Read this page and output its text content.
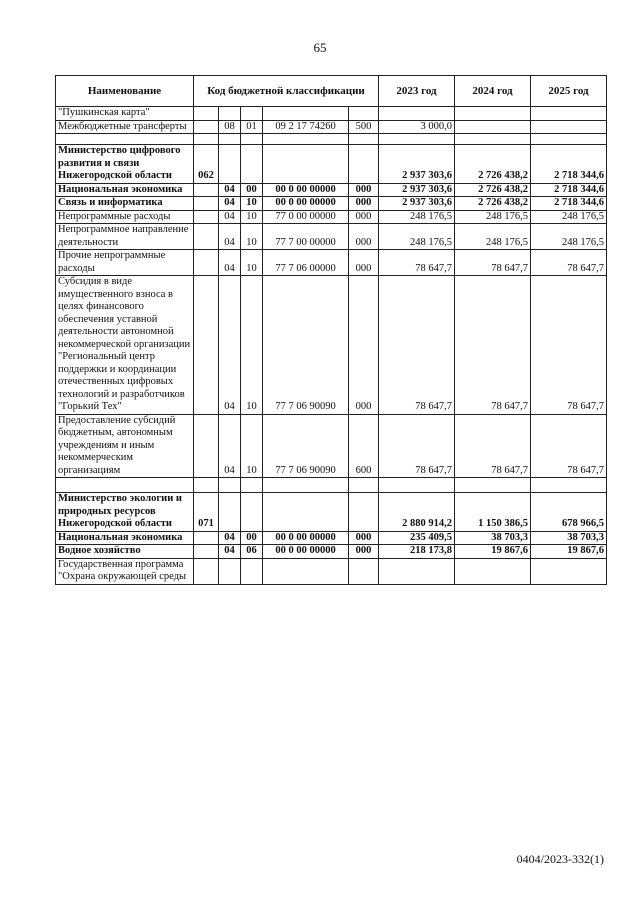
65
Наименование	Код бюджетной классификации					2023 год	2024 год	2025 год
"Пушкинская карта"								
Межбюджетные трансферты		08	01	09 2 17 74260	500	3 000,0		

Министерство цифрового развития и связи Нижегородской области	062					2 937 303,6	2 726 438,2	2 718 344,6
Национальная экономика		04	00	00 0 00 00000	000	2 937 303,6	2 726 438,2	2 718 344,6
Связь и информатика		04	10	00 0 00 00000	000	2 937 303,6	2 726 438,2	2 718 344,6
Непрограммные расходы		04	10	77 0 00 00000	000	248 176,5	248 176,5	248 176,5
Непрограммное направление деятельности		04	10	77 7 00 00000	000	248 176,5	248 176,5	248 176,5
Прочие непрограммные расходы		04	10	77 7 06 00000	000	78 647,7	78 647,7	78 647,7
Субсидия в виде имущественного взноса в целях финансового обеспечения уставной деятельности автономной некоммерческой организации "Региональный центр поддержки и координации отечественных цифровых технологий и разработчиков "Горький Тех"		04	10	77 7 06 90090	000	78 647,7	78 647,7	78 647,7
Предоставление субсидий бюджетным, автономным учреждениям и иным некоммерческим организациям		04	10	77 7 06 90090	600	78 647,7	78 647,7	78 647,7

Министерство экологии и природных ресурсов Нижегородской области	071					2 880 914,2	1 150 386,5	678 966,5
Национальная экономика		04	00	00 0 00 00000	000	235 409,5	38 703,3	38 703,3
Водное хозяйство		04	06	00 0 00 00000	000	218 173,8	19 867,6	19 867,6
Государственная программа "Охрана окружающей среды								
0404/2023-332(1)
